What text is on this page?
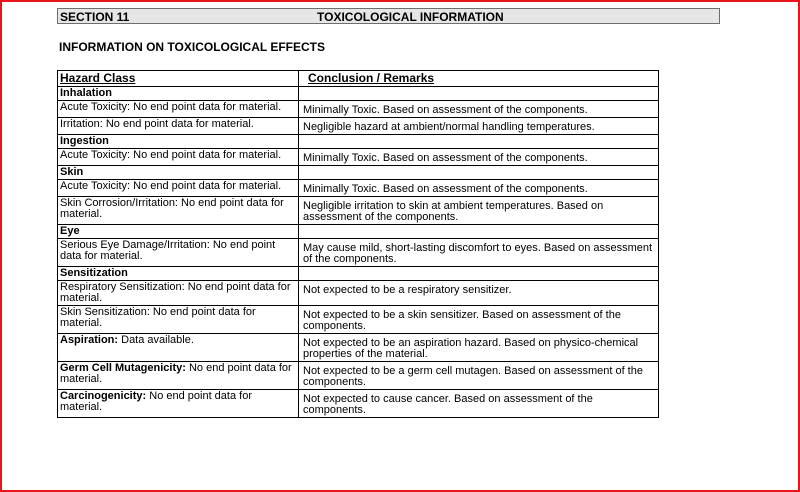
SECTION 11	TOXICOLOGICAL INFORMATION
INFORMATION ON TOXICOLOGICAL EFFECTS
Hazard Class	Conclusion / Remarks
Inhalation	
Acute Toxicity: No end point data for material.	Minimally Toxic. Based on assessment of the components.
Irritation: No end point data for material.	Negligible hazard at ambient/normal handling temperatures.
Ingestion	
Acute Toxicity: No end point data for material.	Minimally Toxic. Based on assessment of the components.
Skin	
Acute Toxicity: No end point data for material.	Minimally Toxic. Based on assessment of the components.
Skin Corrosion/Irritation: No end point data for material.	Negligible irritation to skin at ambient temperatures. Based on assessment of the components.
Eye	
Serious Eye Damage/Irritation: No end point data for material.	May cause mild, short-lasting discomfort to eyes. Based on assessment of the components.
Sensitization	
Respiratory Sensitization: No end point data for material.	Not expected to be a respiratory sensitizer.
Skin Sensitization: No end point data for material.	Not expected to be a skin sensitizer. Based on assessment of the components.
Aspiration: Data available.	Not expected to be an aspiration hazard. Based on physico-chemical properties of the material.
Germ Cell Mutagenicity: No end point data for material.	Not expected to be a germ cell mutagen. Based on assessment of the components.
Carcinogenicity: No end point data for material.	Not expected to cause cancer. Based on assessment of the components.
